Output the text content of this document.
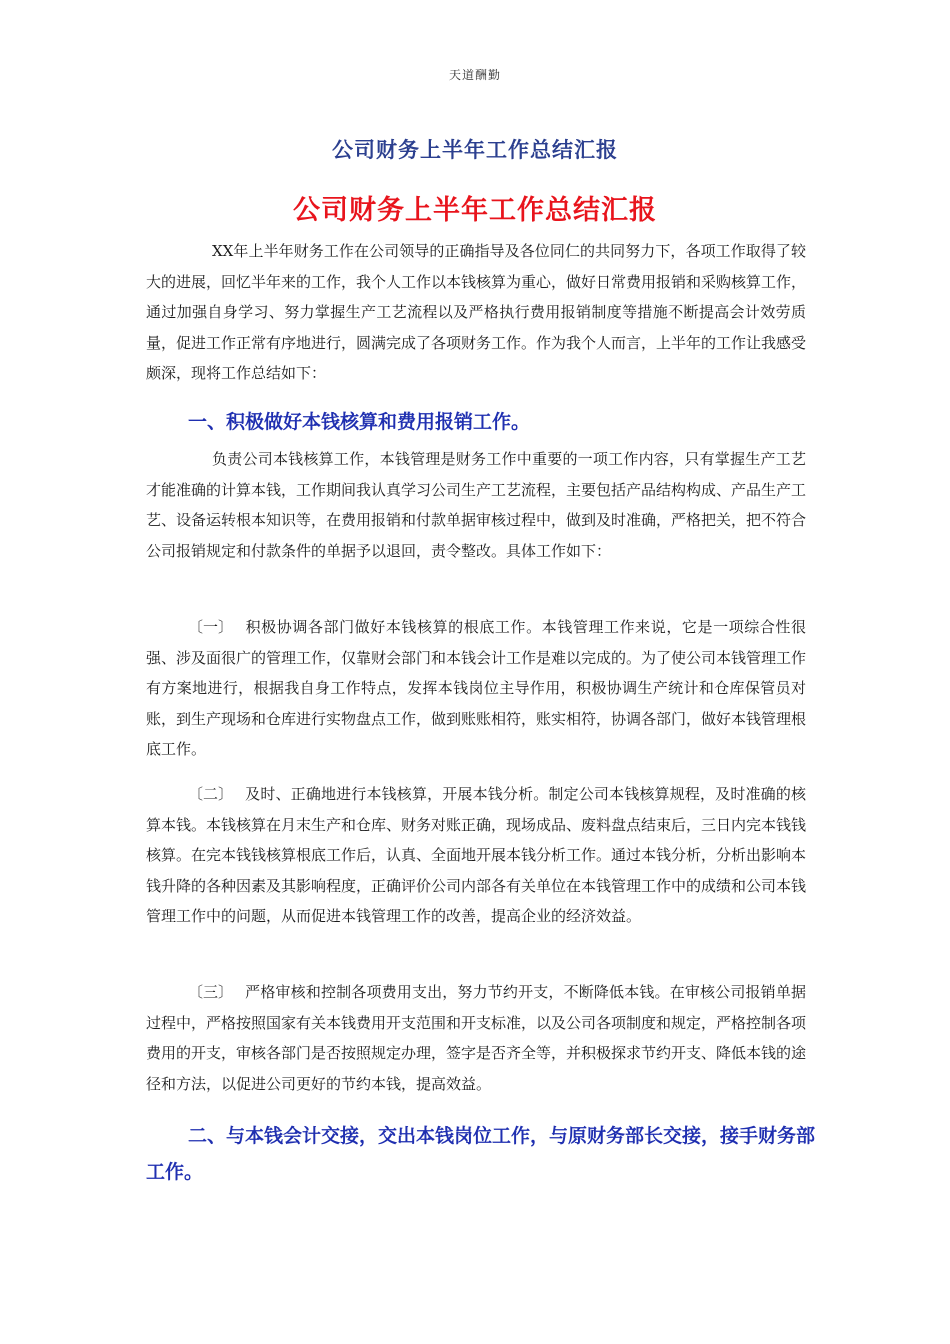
天道酬勤
公司财务上半年工作总结汇报
公司财务上半年工作总结汇报

XX年上半年财务工作在公司领导的正确指导及各位同仁的共同努力下，各项工作取得了较大的进展，回忆半年来的工作，我个人工作以本钱核算为重心，做好日常费用报销和采购核算工作，通过加强自身学习、努力掌握生产工艺流程以及严格执行费用报销制度等措施不断提高会计效劳质量，促进工作正常有序地进行，圆满完成了各项财务工作。作为我个人而言，上半年的工作让我感受颇深，现将工作总结如下：

一、积极做好本钱核算和费用报销工作。

负责公司本钱核算工作，本钱管理是财务工作中重要的一项工作内容，只有掌握生产工艺才能准确的计算本钱，工作期间我认真学习公司生产工艺流程，主要包括产品结构构成、产品生产工艺、设备运转根本知识等，在费用报销和付款单据审核过程中，做到及时准确，严格把关，把不符合公司报销规定和付款条件的单据予以退回，责令整改。具体工作如下：

〔一〕 积极协调各部门做好本钱核算的根底工作。本钱管理工作来说，它是一项综合性很强、涉及面很广的管理工作，仅靠财会部门和本钱会计工作是难以完成的。为了使公司本钱管理工作有方案地进行，根据我自身工作特点，发挥本钱岗位主导作用，积极协调生产统计和仓库保管员对账，到生产现场和仓库进行实物盘点工作，做到账账相符，账实相符，协调各部门，做好本钱管理根底工作。

〔二〕 及时、正确地进行本钱核算，开展本钱分析。制定公司本钱核算规程，及时准确的核算本钱。本钱核算在月末生产和仓库、财务对账正确，现场成品、废料盘点结束后，三日内完本钱钱核算。在完本钱钱核算根底工作后，认真、全面地开展本钱分析工作。通过本钱分析，分析出影响本钱升降的各种因素及其影响程度，正确评价公司内部各有关单位在本钱管理工作中的成绩和公司本钱管理工作中的问题，从而促进本钱管理工作的改善，提高企业的经济效益。

〔三〕 严格审核和控制各项费用支出，努力节约开支，不断降低本钱。在审核公司报销单据过程中，严格按照国家有关本钱费用开支范围和开支标准，以及公司各项制度和规定，严格控制各项费用的开支，审核各部门是否按照规定办理，签字是否齐全等，并积极探求节约开支、降低本钱的途径和方法，以促进公司更好的节约本钱，提高效益。

二、与本钱会计交接，交出本钱岗位工作，与原财务部长交接，接手财务部工作。
